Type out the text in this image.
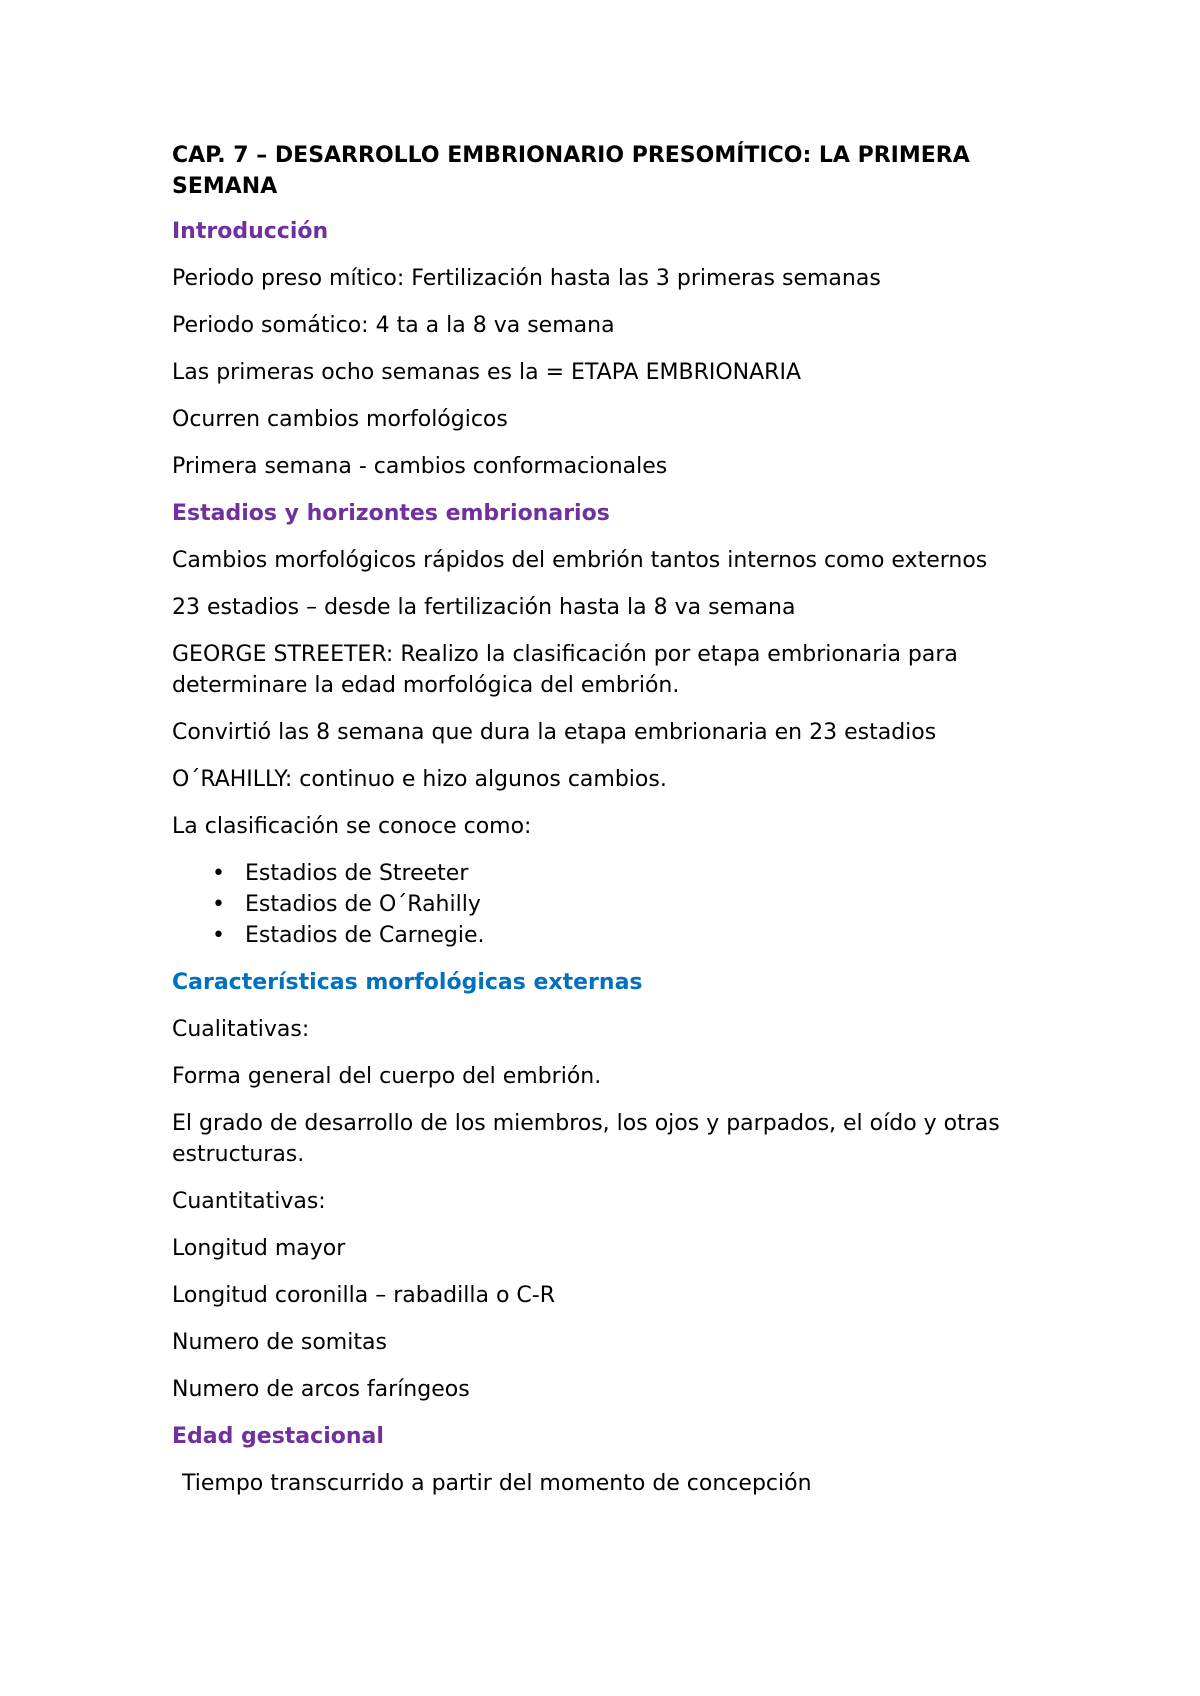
CAP. 7 – DESARROLLO EMBRIONARIO PRESOMÍTICO: LA PRIMERA SEMANA
Introducción

Periodo preso mítico: Fertilización hasta las 3 primeras semanas

Periodo somático: 4 ta a la 8 va semana

Las primeras ocho semanas es la = ETAPA EMBRIONARIA

Ocurren cambios morfológicos

Primera semana - cambios conformacionales

Estadios y horizontes embrionarios

Cambios morfológicos rápidos del embrión tantos internos como externos

23 estadios – desde la fertilización hasta la 8 va semana

GEORGE STREETER: Realizo la clasificación por etapa embrionaria para determinare la edad morfológica del embrión.

Convirtió las 8 semana que dura la etapa embrionaria en 23 estadios

O´RAHILLY: continuo e hizo algunos cambios.

La clasificación se conoce como:

• Estadios de Streeter
• Estadios de O´Rahilly
• Estadios de Carnegie.
Características morfológicas externas

Cualitativas:

Forma general del cuerpo del embrión.

El grado de desarrollo de los miembros, los ojos y parpados, el oído y otras estructuras.

Cuantitativas:

Longitud mayor

Longitud coronilla – rabadilla o C-R

Numero de somitas

Numero de arcos faríngeos

Edad gestacional

Tiempo transcurrido a partir del momento de concepción
